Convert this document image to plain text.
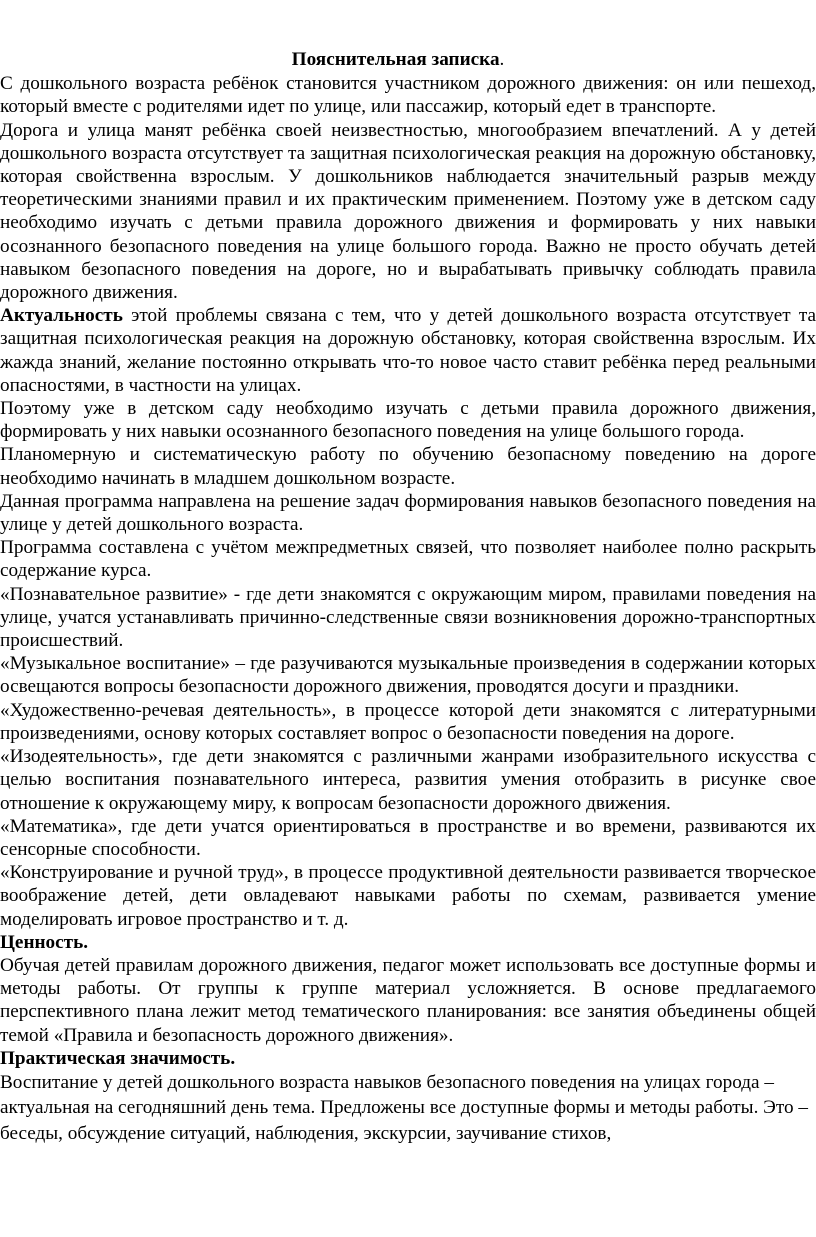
Пояснительная записка.

С дошкольного возраста ребёнок становится участником дорожного движения: он или пешеход, который вместе с родителями идет по улице, или пассажир, который едет в транспорте.

Дорога и улица манят ребёнка своей неизвестностью, многообразием впечатлений. А у детей дошкольного возраста отсутствует та защитная психологическая реакция на дорожную обстановку, которая свойственна взрослым. У дошкольников наблюдается значительный разрыв между теоретическими знаниями правил и их практическим применением. Поэтому уже в детском саду необходимо изучать с детьми правила дорожного движения и формировать у них навыки осознанного безопасного поведения на улице большого города. Важно не просто обучать детей навыком безопасного поведения на дороге, но и вырабатывать привычку соблюдать правила дорожного движения.

Актуальность этой проблемы связана с тем, что у детей дошкольного возраста отсутствует та защитная психологическая реакция на дорожную обстановку, которая свойственна взрослым. Их жажда знаний, желание постоянно открывать что-то новое часто ставит ребёнка перед реальными опасностями, в частности на улицах.

Поэтому уже в детском саду необходимо изучать с детьми правила дорожного движения, формировать у них навыки осознанного безопасного поведения на улице большого города.

Планомерную и систематическую работу по обучению безопасному поведению на дороге необходимо начинать в младшем дошкольном возрасте.

Данная программа направлена на решение задач формирования навыков безопасного поведения на улице у детей дошкольного возраста.

Программа составлена с учётом межпредметных связей, что позволяет наиболее полно раскрыть содержание курса.

«Познавательное развитие» - где дети знакомятся с окружающим миром, правилами поведения на улице, учатся устанавливать причинно-следственные связи возникновения дорожно-транспортных происшествий.

«Музыкальное воспитание» – где разучиваются музыкальные произведения в содержании которых освещаются вопросы безопасности дорожного движения, проводятся досуги и праздники.

«Художественно-речевая деятельность», в процессе которой дети знакомятся с литературными произведениями, основу которых составляет вопрос о безопасности поведения на дороге.

«Изодеятельность», где дети знакомятся с различными жанрами изобразительного искусства с целью воспитания познавательного интереса, развития умения отобразить в рисунке свое отношение к окружающему миру, к вопросам безопасности дорожного движения.

«Математика», где дети учатся ориентироваться в пространстве и во времени, развиваются их сенсорные способности.

«Конструирование и ручной труд», в процессе продуктивной деятельности развивается творческое воображение детей, дети овладевают навыками работы по схемам, развивается умение моделировать игровое пространство и т. д.

Ценность.

Обучая детей правилам дорожного движения, педагог может использовать все доступные формы и методы работы. От группы к группе материал усложняется. В основе предлагаемого перспективного плана лежит метод тематического планирования: все занятия объединены общей темой «Правила и безопасность дорожного движения».

Практическая значимость.

Воспитание у детей дошкольного возраста навыков безопасного поведения на улицах города – актуальная на сегодняшний день тема. Предложены все доступные формы и методы работы. Это – беседы, обсуждение ситуаций, наблюдения, экскурсии, заучивание стихов,
